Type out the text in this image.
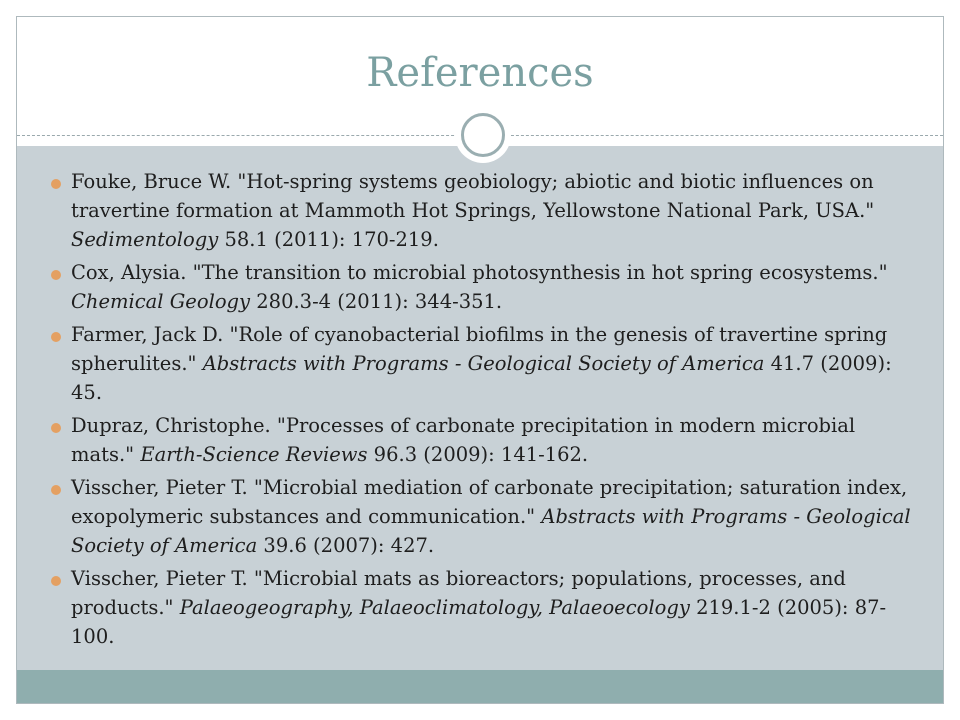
References
Fouke, Bruce W. "Hot-spring systems geobiology; abiotic and biotic influences on travertine formation at Mammoth Hot Springs, Yellowstone National Park, USA." Sedimentology 58.1 (2011): 170-219.
Cox, Alysia. "The transition to microbial photosynthesis in hot spring ecosystems." Chemical Geology 280.3-4 (2011): 344-351.
Farmer, Jack D. "Role of cyanobacterial biofilms in the genesis of travertine spring spherulites." Abstracts with Programs - Geological Society of America 41.7 (2009): 45.
Dupraz, Christophe. "Processes of carbonate precipitation in modern microbial mats." Earth-Science Reviews 96.3 (2009): 141-162.
Visscher, Pieter T. "Microbial mediation of carbonate precipitation; saturation index, exopolymeric substances and communication." Abstracts with Programs - Geological Society of America 39.6 (2007): 427.
Visscher, Pieter T. "Microbial mats as bioreactors; populations, processes, and products." Palaeogeography, Palaeoclimatology, Palaeoecology 219.1-2 (2005): 87-100.
